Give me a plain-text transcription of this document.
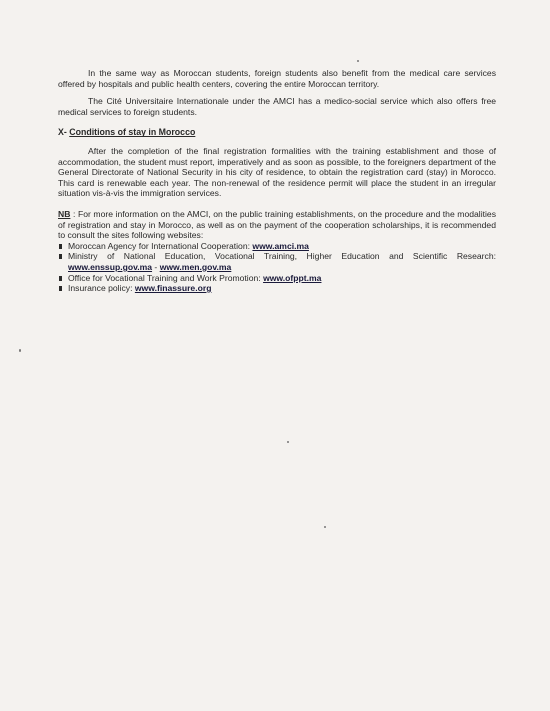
In the same way as Moroccan students, foreign students also benefit from the medical care services offered by hospitals and public health centers, covering the entire Moroccan territory.

The Cité Universitaire Internationale under the AMCI has a medico-social service which also offers free medical services to foreign students.

X- Conditions of stay in Morocco

After the completion of the final registration formalities with the training establishment and those of accommodation, the student must report, imperatively and as soon as possible, to the foreigners department of the General Directorate of National Security in his city of residence, to obtain the registration card (stay) in Morocco. This card is renewable each year. The non-renewal of the residence permit will place the student in an irregular situation vis-à-vis the immigration services.

NB : For more information on the AMCI, on the public training establishments, on the procedure and the modalities of registration and stay in Morocco, as well as on the payment of the cooperation scholarships, it is recommended to consult the sites following websites:

Moroccan Agency for International Cooperation: www.amci.ma
Ministry of National Education, Vocational Training, Higher Education and Scientific Research: www.enssup.gov.ma - www.men.gov.ma
Office for Vocational Training and Work Promotion: www.ofppt.ma
Insurance policy: www.finassure.org
